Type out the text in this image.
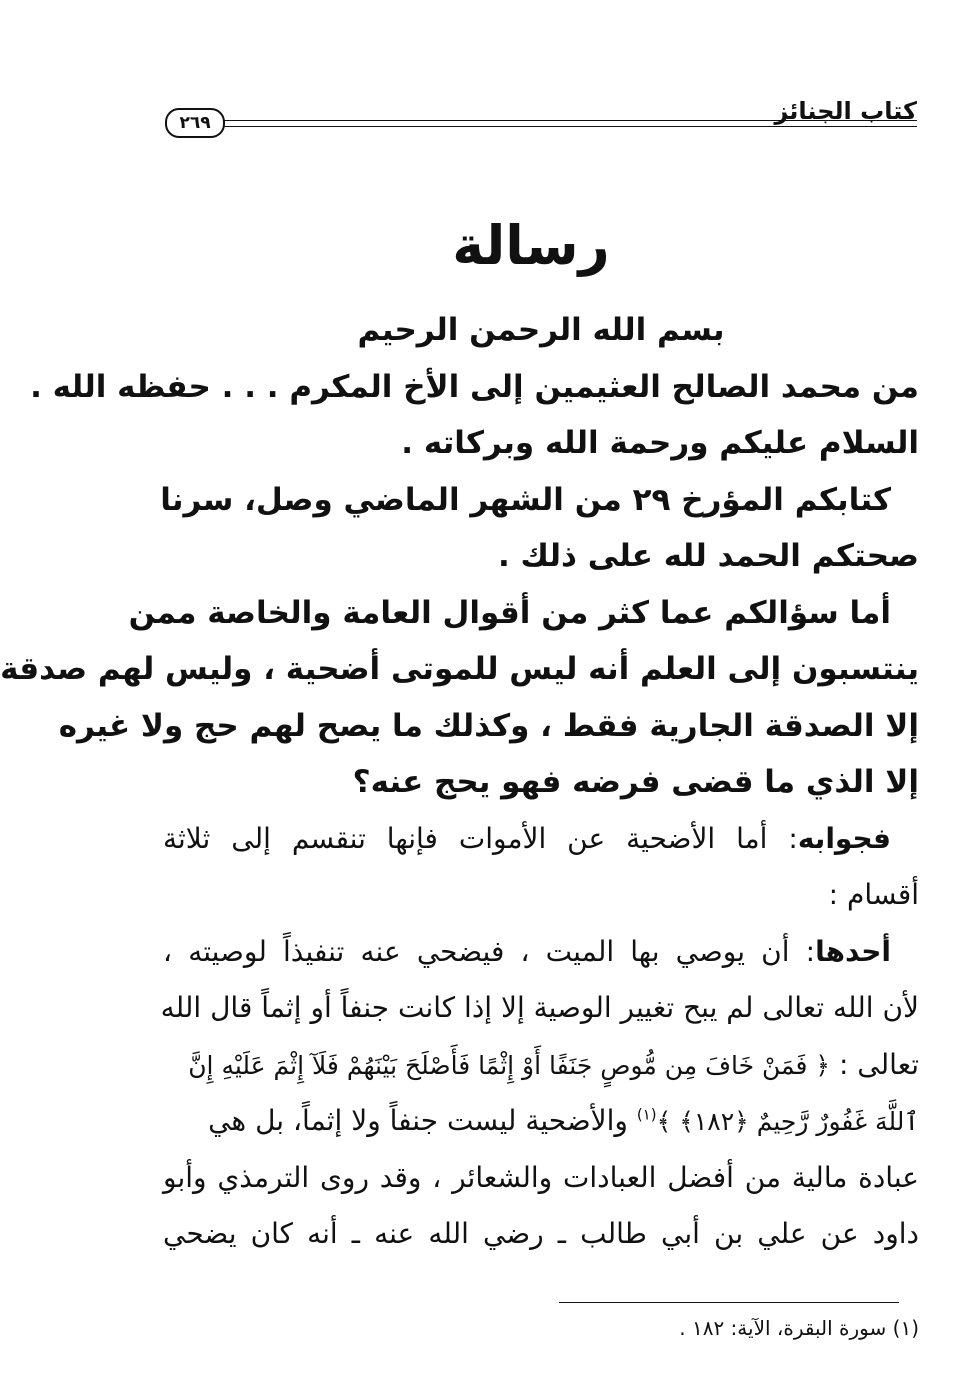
كتاب الجنائز
٢٦٩
رسالة
بسم الله الرحمن الرحيم
من محمد الصالح العثيمين إلى الأخ المكرم . . . حفظه الله .
السلام عليكم ورحمة الله وبركاته .
كتابكم المؤرخ ٢٩ من الشهر الماضي وصل، سرنا
صحتكم الحمد لله على ذلك .
أما سؤالكم عما كثر من أقوال العامة والخاصة ممن
ينتسبون إلى العلم أنه ليس للموتى أضحية ، وليس لهم صدقة
إلا الصدقة الجارية فقط ، وكذلك ما يصح لهم حج ولا غيره
إلا الذي ما قضى فرضه فهو يحج عنه؟
فجوابه: أما الأضحية عن الأموات فإنها تنقسم إلى ثلاثة
أقسام :
أحدها: أن يوصي بها الميت ، فيضحي عنه تنفيذاً لوصيته ،
لأن الله تعالى لم يبح تغيير الوصية إلا إذا كانت جنفاً أو إثماً قال الله
تعالى : ﴿ فَمَنْ خَافَ مِن مُّوصٍ جَنَفًا أَوْ إِثْمًا فَأَصْلَحَ بَيْنَهُمْ فَلَآ إِثْمَ عَلَيْهِ إِنَّ
ٱللَّهَ غَفُورٌ رَّحِيمٌ ﴿١٨٢﴾ ﴾$^{(١)}$ والأضحية ليست جنفاً ولا إثماً، بل هي
عبادة مالية من أفضل العبادات والشعائر ، وقد روى الترمذي وأبو
داود عن علي بن أبي طالب ـ رضي الله عنه ـ أنه كان يضحي
(١) سورة البقرة، الآية: ١٨٢ .
